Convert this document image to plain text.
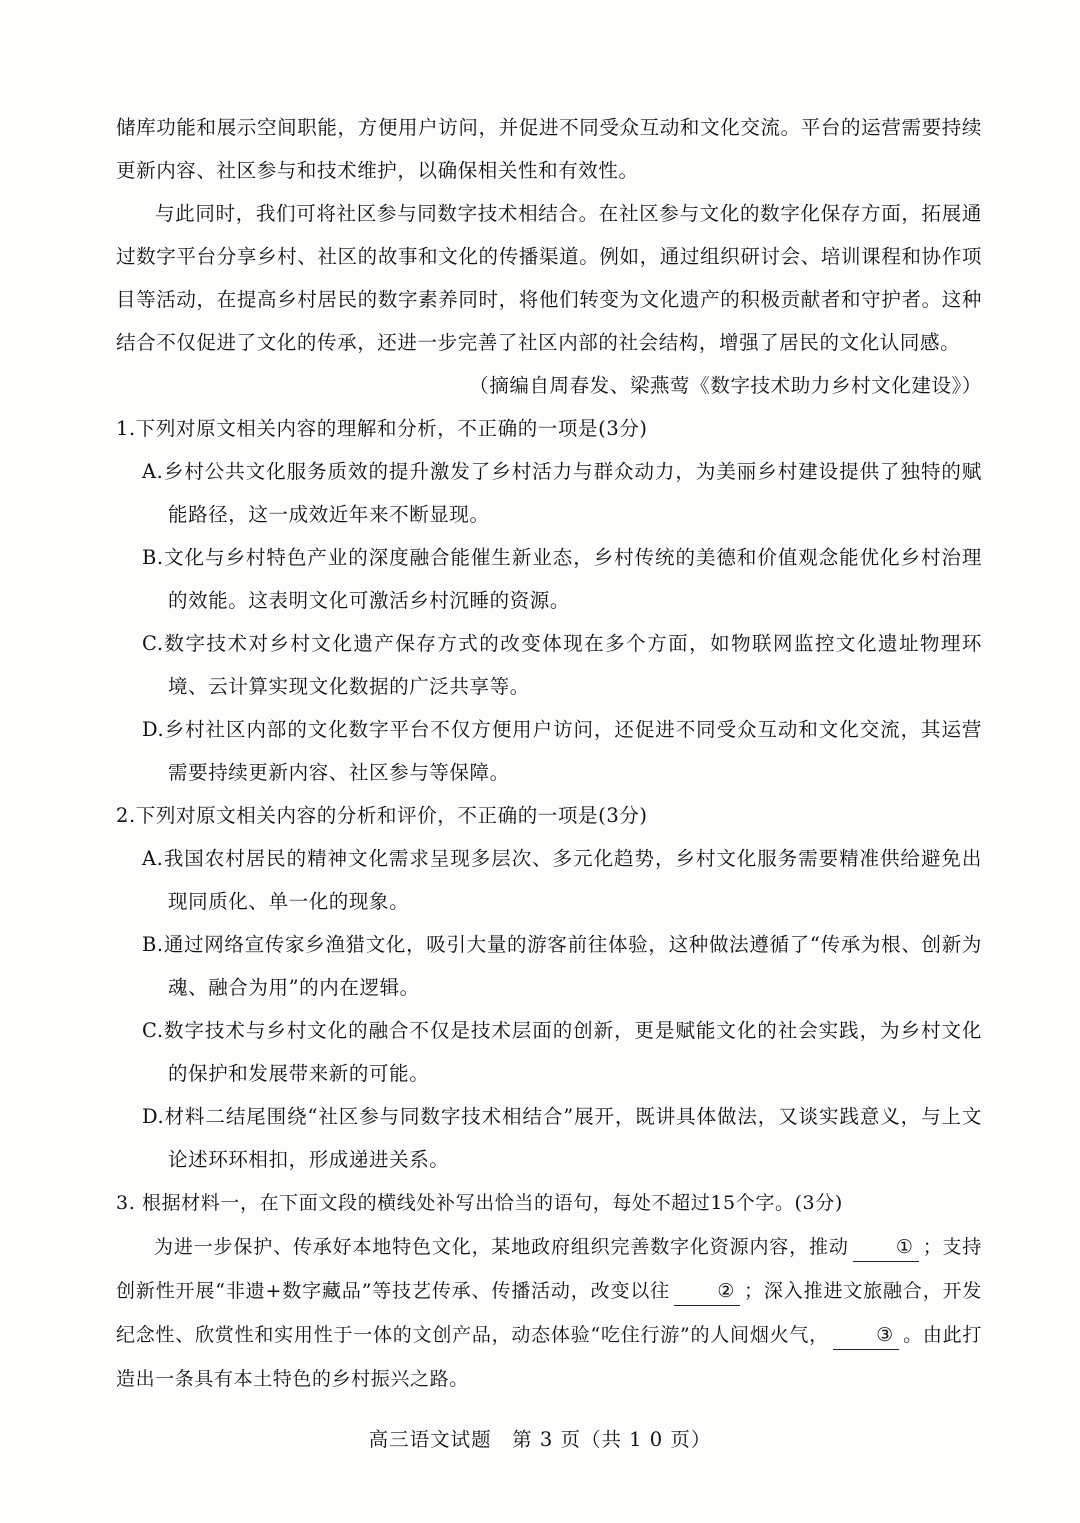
储库功能和展示空间职能，方便用户访问，并促进不同受众互动和文化交流。平台的运营需要持续更新内容、社区参与和技术维护，以确保相关性和有效性。

与此同时，我们可将社区参与同数字技术相结合。在社区参与文化的数字化保存方面，拓展通过数字平台分享乡村、社区的故事和文化的传播渠道。例如，通过组织研讨会、培训课程和协作项目等活动，在提高乡村居民的数字素养同时，将他们转变为文化遗产的积极贡献者和守护者。这种结合不仅促进了文化的传承，还进一步完善了社区内部的社会结构，增强了居民的文化认同感。

（摘编自周春发、梁燕莺《数字技术助力乡村文化建设》）

1.下列对原文相关内容的理解和分析，不正确的一项是(3分)

A.乡村公共文化服务质效的提升激发了乡村活力与群众动力，为美丽乡村建设提供了独特的赋能路径，这一成效近年来不断显现。

B.文化与乡村特色产业的深度融合能催生新业态，乡村传统的美德和价值观念能优化乡村治理的效能。这表明文化可激活乡村沉睡的资源。

C.数字技术对乡村文化遗产保存方式的改变体现在多个方面，如物联网监控文化遗址物理环境、云计算实现文化数据的广泛共享等。

D.乡村社区内部的文化数字平台不仅方便用户访问，还促进不同受众互动和文化交流，其运营需要持续更新内容、社区参与等保障。

2.下列对原文相关内容的分析和评价，不正确的一项是(3分)

A.我国农村居民的精神文化需求呈现多层次、多元化趋势，乡村文化服务需要精准供给避免出现同质化、单一化的现象。

B.通过网络宣传家乡渔猎文化，吸引大量的游客前往体验，这种做法遵循了“传承为根、创新为魂、融合为用”的内在逻辑。

C.数字技术与乡村文化的融合不仅是技术层面的创新，更是赋能文化的社会实践，为乡村文化的保护和发展带来新的可能。

D.材料二结尾围绕“社区参与同数字技术相结合”展开，既讲具体做法，又谈实践意义，与上文论述环环相扣，形成递进关系。

3. 根据材料一，在下面文段的横线处补写出恰当的语句，每处不超过15个字。(3分)

为进一步保护、传承好本地特色文化，某地政府组织完善数字化资源内容，推动 ① ；支持创新性开展“非遗+数字藏品”等技艺传承、传播活动，改变以往 ② ；深入推进文旅融合，开发纪念性、欣赏性和实用性于一体的文创产品，动态体验“吃住行游”的人间烟火气， ③ 。由此打造出一条具有本土特色的乡村振兴之路。

高三语文试题　第 3 页（共 1 0 页）
